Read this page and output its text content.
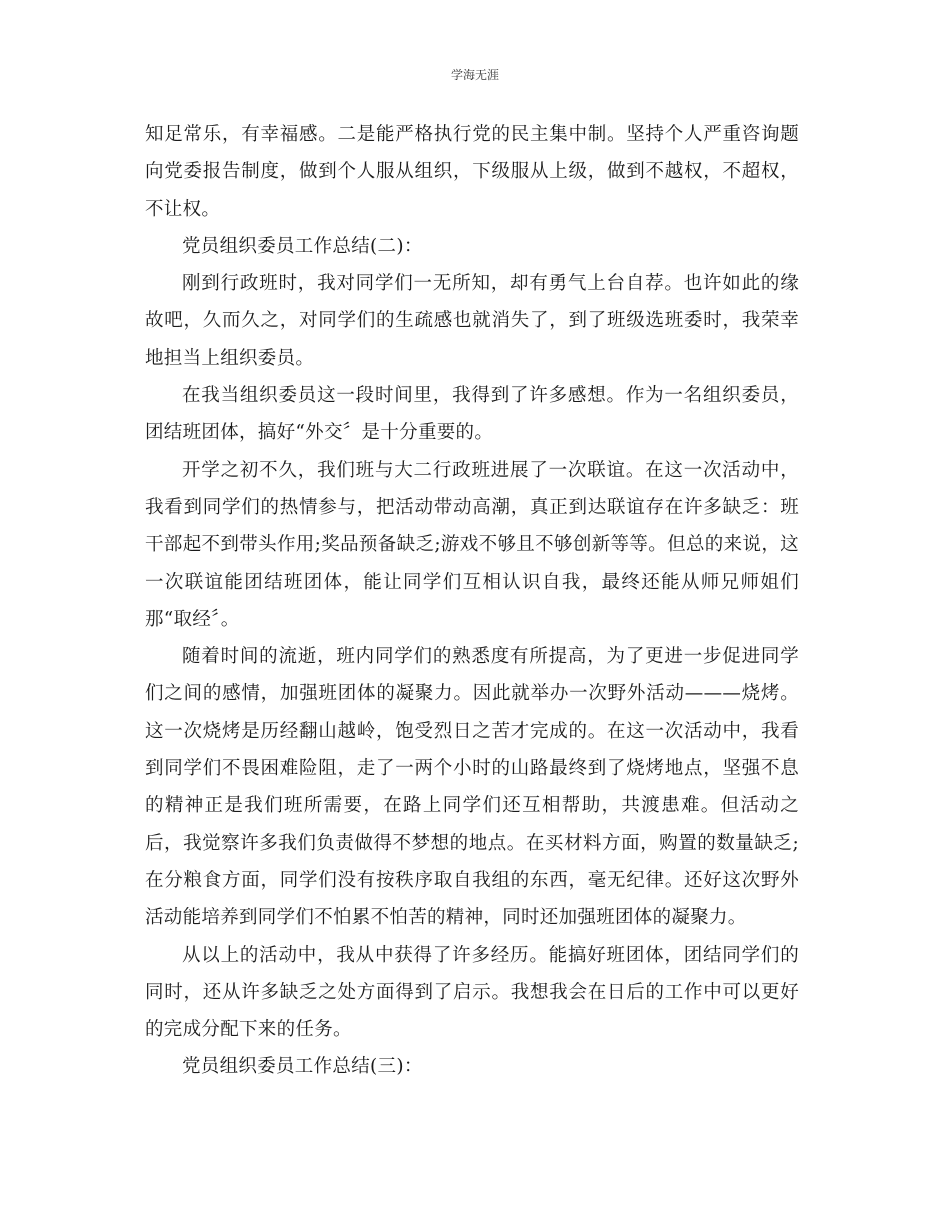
学海无涯

知足常乐，有幸福感。二是能严格执行党的民主集中制。坚持个人严重咨询题向党委报告制度，做到个人服从组织，下级服从上级，做到不越权，不超权，不让权。

党员组织委员工作总结(二)：

刚到行政班时，我对同学们一无所知，却有勇气上台自荐。也许如此的缘故吧，久而久之，对同学们的生疏感也就消失了，到了班级选班委时，我荣幸地担当上组织委员。

在我当组织委员这一段时间里，我得到了许多感想。作为一名组织委员，团结班团体，搞好“外交〞是十分重要的。

开学之初不久，我们班与大二行政班进展了一次联谊。在这一次活动中，我看到同学们的热情参与，把活动带动高潮，真正到达联谊存在许多缺乏：班干部起不到带头作用;奖品预备缺乏;游戏不够且不够创新等等。但总的来说，这一次联谊能团结班团体，能让同学们互相认识自我，最终还能从师兄师姐们那“取经〞。

随着时间的流逝，班内同学们的熟悉度有所提高，为了更进一步促进同学们之间的感情，加强班团体的凝聚力。因此就举办一次野外活动———烧烤。这一次烧烤是历经翻山越岭，饱受烈日之苦才完成的。在这一次活动中，我看到同学们不畏困难险阻，走了一两个小时的山路最终到了烧烤地点，坚强不息的精神正是我们班所需要，在路上同学们还互相帮助，共渡患难。但活动之后，我觉察许多我们负责做得不梦想的地点。在买材料方面，购置的数量缺乏;在分粮食方面，同学们没有按秩序取自我组的东西，毫无纪律。还好这次野外活动能培养到同学们不怕累不怕苦的精神，同时还加强班团体的凝聚力。

从以上的活动中，我从中获得了许多经历。能搞好班团体，团结同学们的同时，还从许多缺乏之处方面得到了启示。我想我会在日后的工作中可以更好的完成分配下来的任务。

党员组织委员工作总结(三)：
